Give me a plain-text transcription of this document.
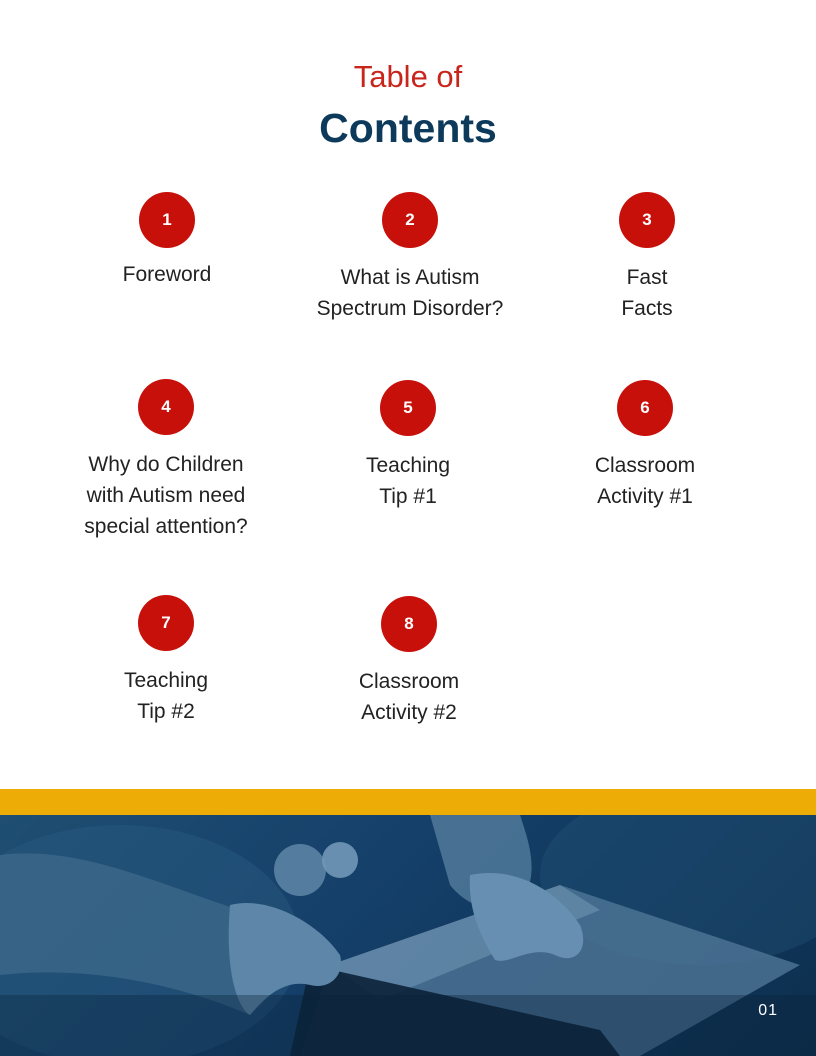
Table of
Contents
1
Foreword
2
What is Autism
Spectrum Disorder?
3
Fast
Facts
4
Why do Children
with Autism need
special attention?
5
Teaching
Tip #1
6
Classroom
Activity #1
7
Teaching
Tip #2
8
Classroom
Activity #2
01
